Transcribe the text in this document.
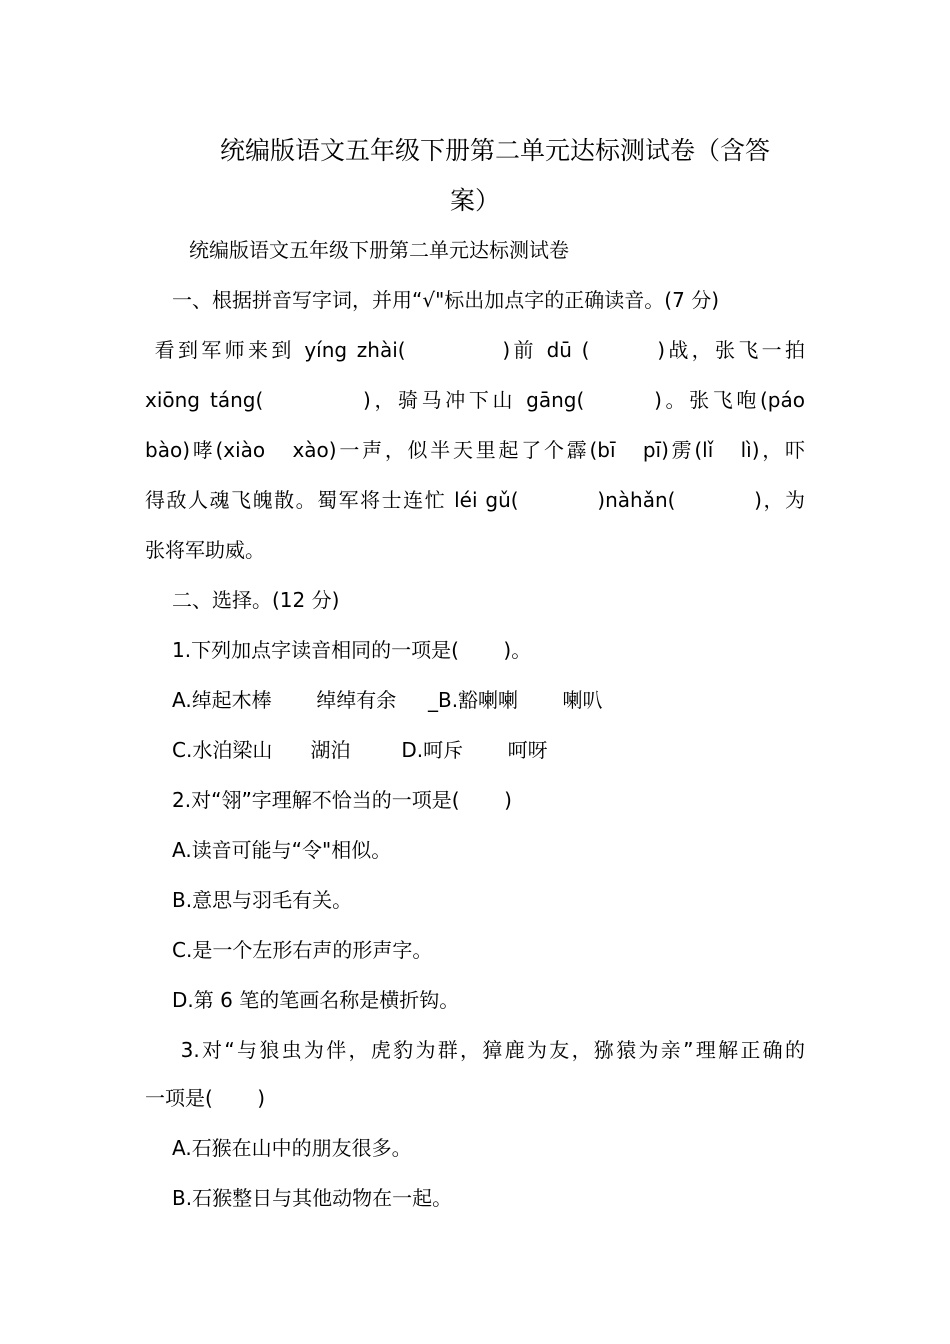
统编版语文五年级下册第二单元达标测试卷（含答
案）
统编版语文五年级下册第二单元达标测试卷
一、根据拼音写字词，并用“√"标出加点字的正确读音。(7 分)
看到军师来到 yíng zhài(          )前 dū (       )战，张飞一拍
xiōng táng(          )，骑马冲下山 gāng(       )。张飞咆(páo
bào)哮(xiào   xào)一声，似半天里起了个霹(bī   pī)雳(lǐ   lì)，吓
得敌人魂飞魄散。蜀军将士连忙 léi gǔ(          )nàhǎn(          )，为
张将军助威。
二、选择。(12 分)
1.下列加点字读音相同的一项是(       )。
A.绰起木棒       绰绰有余     _B.豁喇喇       喇叭
C.水泊梁山      湖泊        D.呵斥       呵呀
2.对“翎”字理解不恰当的一项是(       )
A.读音可能与“令"相似。
B.意思与羽毛有关。
C.是一个左形右声的形声字。
D.第 6 笔的笔画名称是横折钩。
3.对“与狼虫为伴，虎豹为群，獐鹿为友，猕猿为亲”理解正确的
一项是(       )
A.石猴在山中的朋友很多。
B.石猴整日与其他动物在一起。
